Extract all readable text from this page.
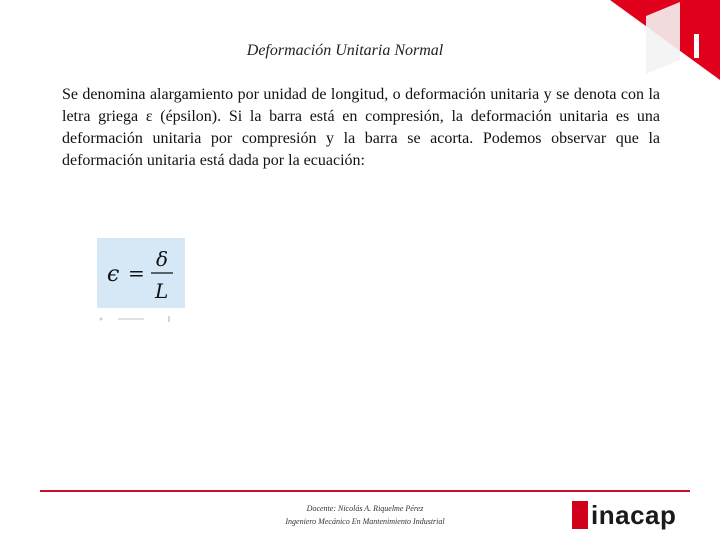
Deformación Unitaria Normal
Se denomina alargamiento por unidad de longitud, o deformación unitaria y se denota con la letra griega ε (épsilon). Si la barra está en compresión, la deformación unitaria es una deformación unitaria por compresión y la barra se acorta. Podemos observar que la deformación unitaria está dada por la ecuación:
ϵ =
δ
L
Docente: Nicolás A. Riquelme Pérez
Ingeniero Mecánico En Mantenimiento Industrial	inacap
